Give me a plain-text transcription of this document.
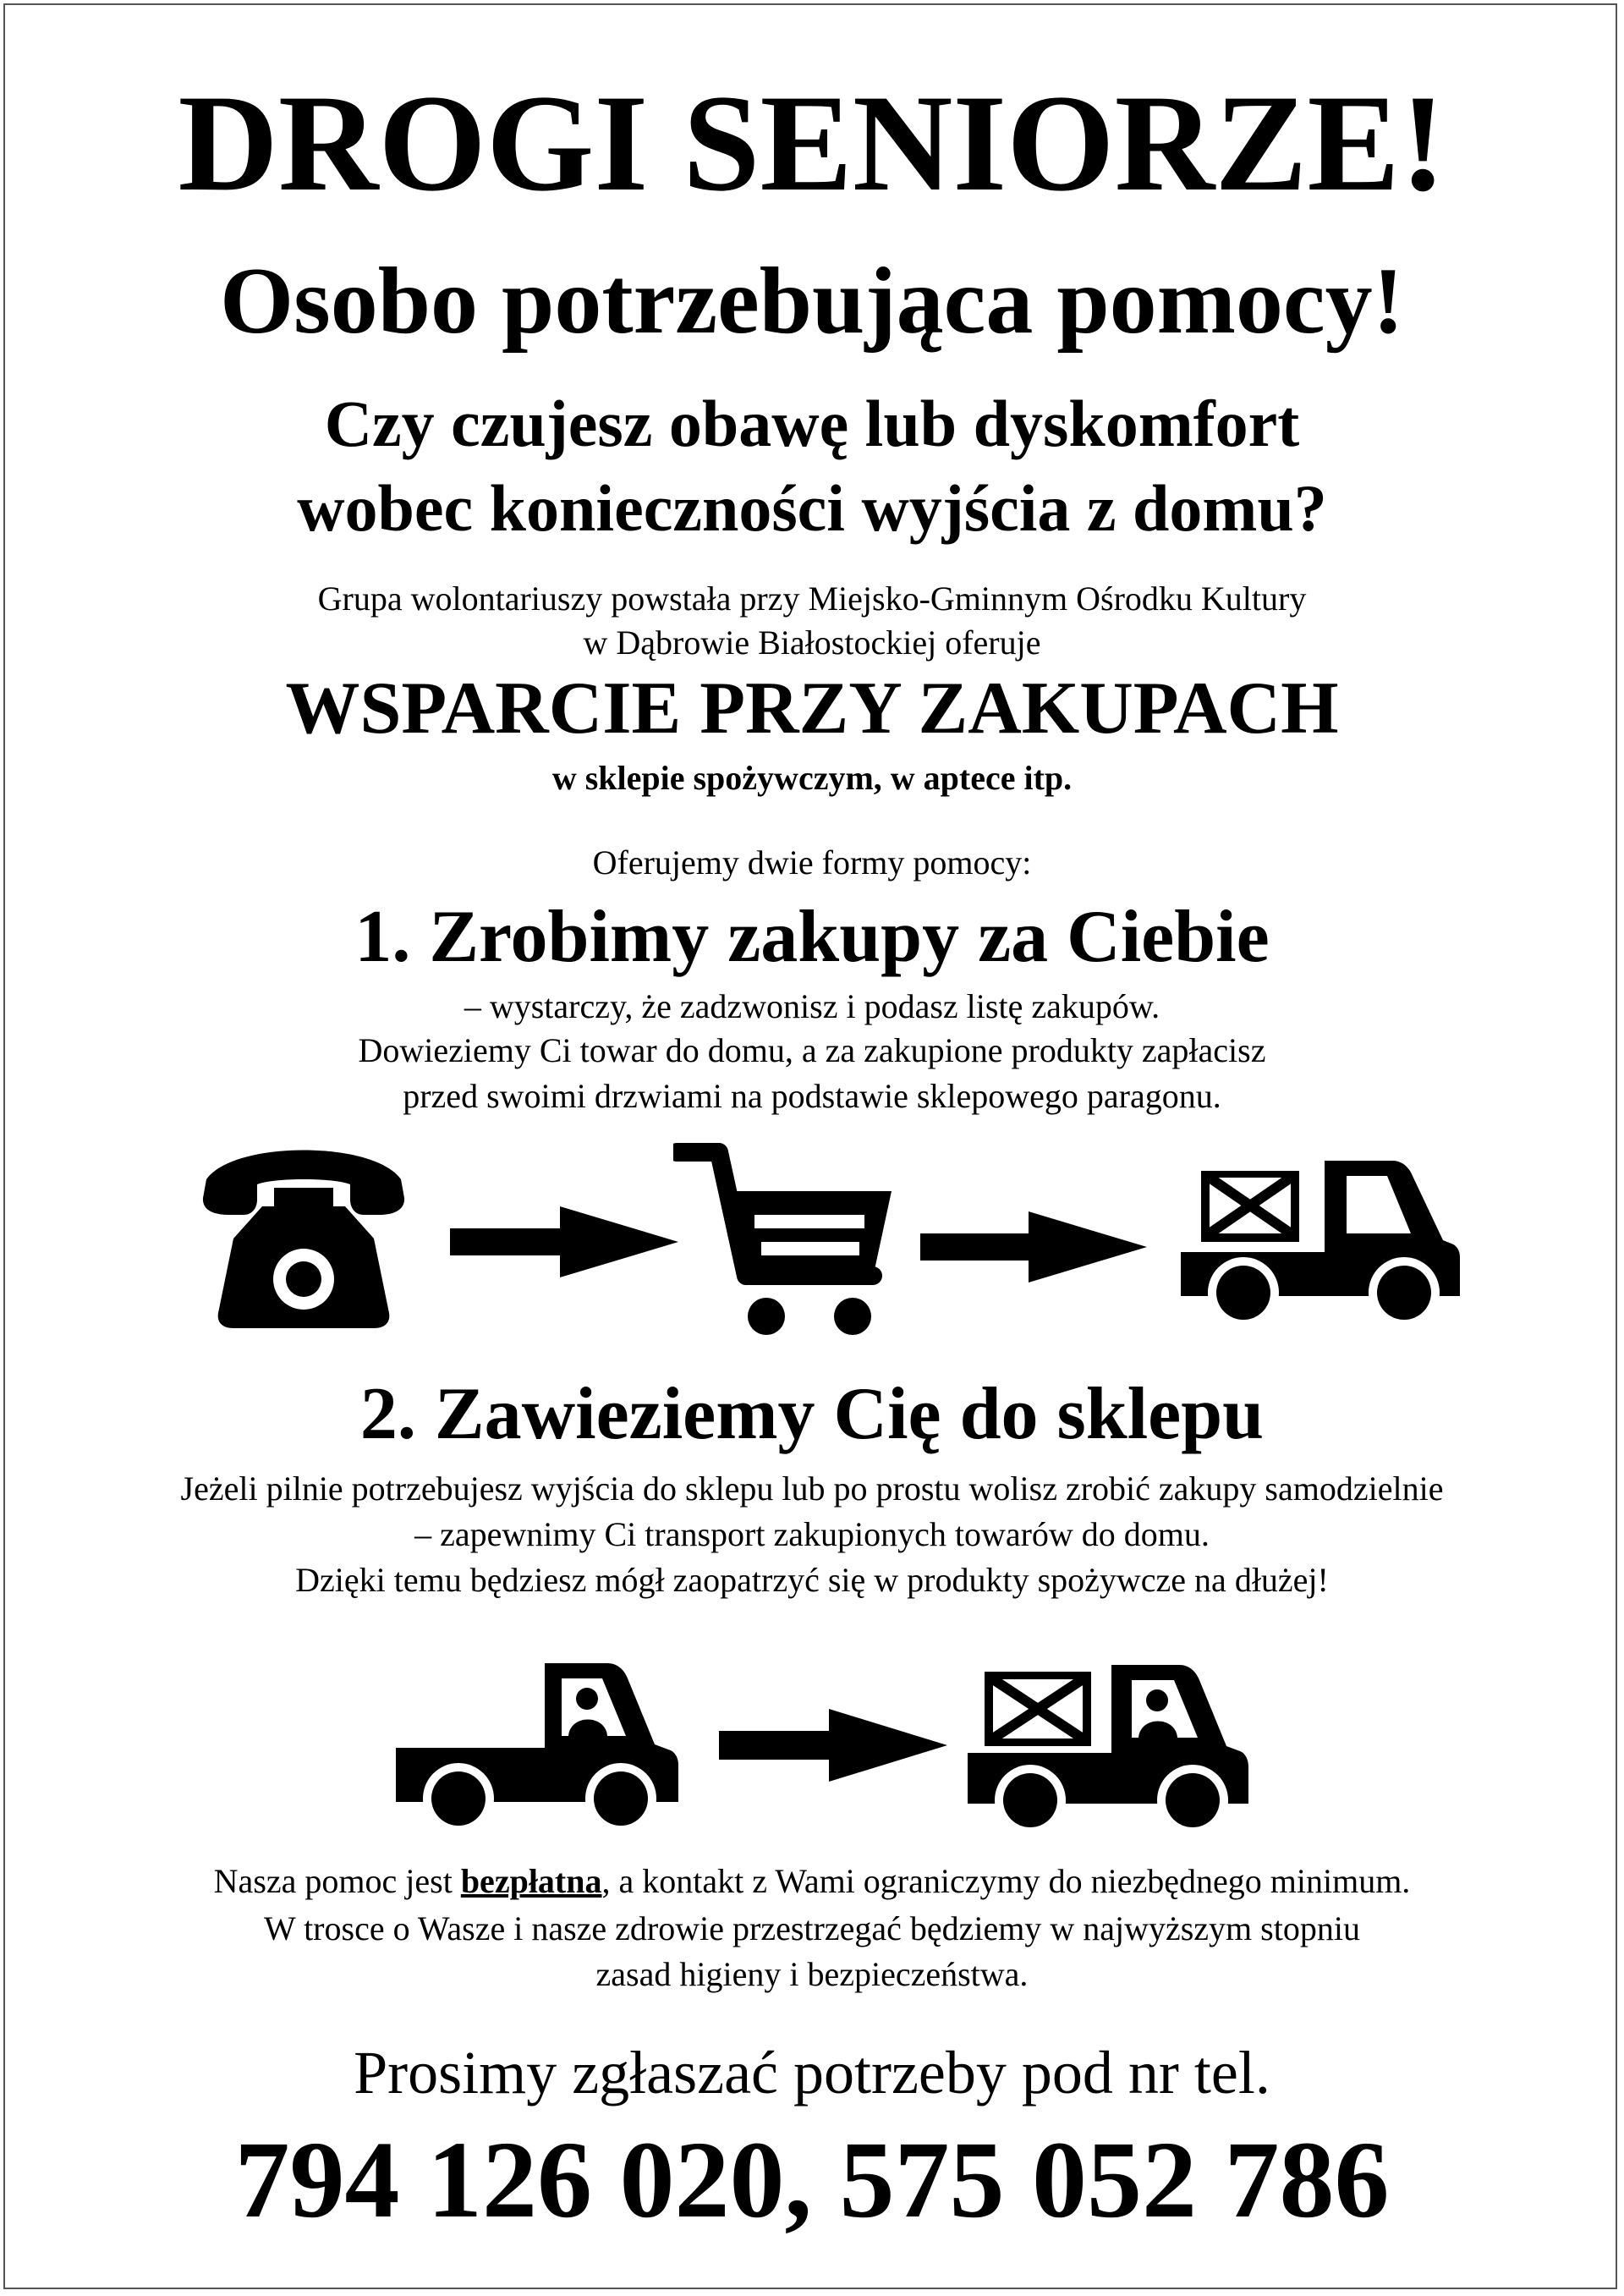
DROGI SENIORZE!
Osobo potrzebująca pomocy!
Czy czujesz obawę lub dyskomfort
wobec konieczności wyjścia z domu?
Grupa wolontariuszy powstała przy Miejsko-Gminnym Ośrodku Kultury
w Dąbrowie Białostockiej oferuje
WSPARCIE PRZY ZAKUPACH
w sklepie spożywczym, w aptece itp.
Oferujemy dwie formy pomocy:
1. Zrobimy zakupy za Ciebie
– wystarczy, że zadzwonisz i podasz listę zakupów.
Dowieziemy Ci towar do domu, a za zakupione produkty zapłacisz
przed swoimi drzwiami na podstawie sklepowego paragonu.
2. Zawieziemy Cię do sklepu
Jeżeli pilnie potrzebujesz wyjścia do sklepu lub po prostu wolisz zrobić zakupy samodzielnie
– zapewnimy Ci transport zakupionych towarów do domu.
Dzięki temu będziesz mógł zaopatrzyć się w produkty spożywcze na dłużej!
Nasza pomoc jest bezpłatna, a kontakt z Wami ograniczymy do niezbędnego minimum.
W trosce o Wasze i nasze zdrowie przestrzegać będziemy w najwyższym stopniu
zasad higieny i bezpieczeństwa.
Prosimy zgłaszać potrzeby pod nr tel.
794 126 020, 575 052 786
